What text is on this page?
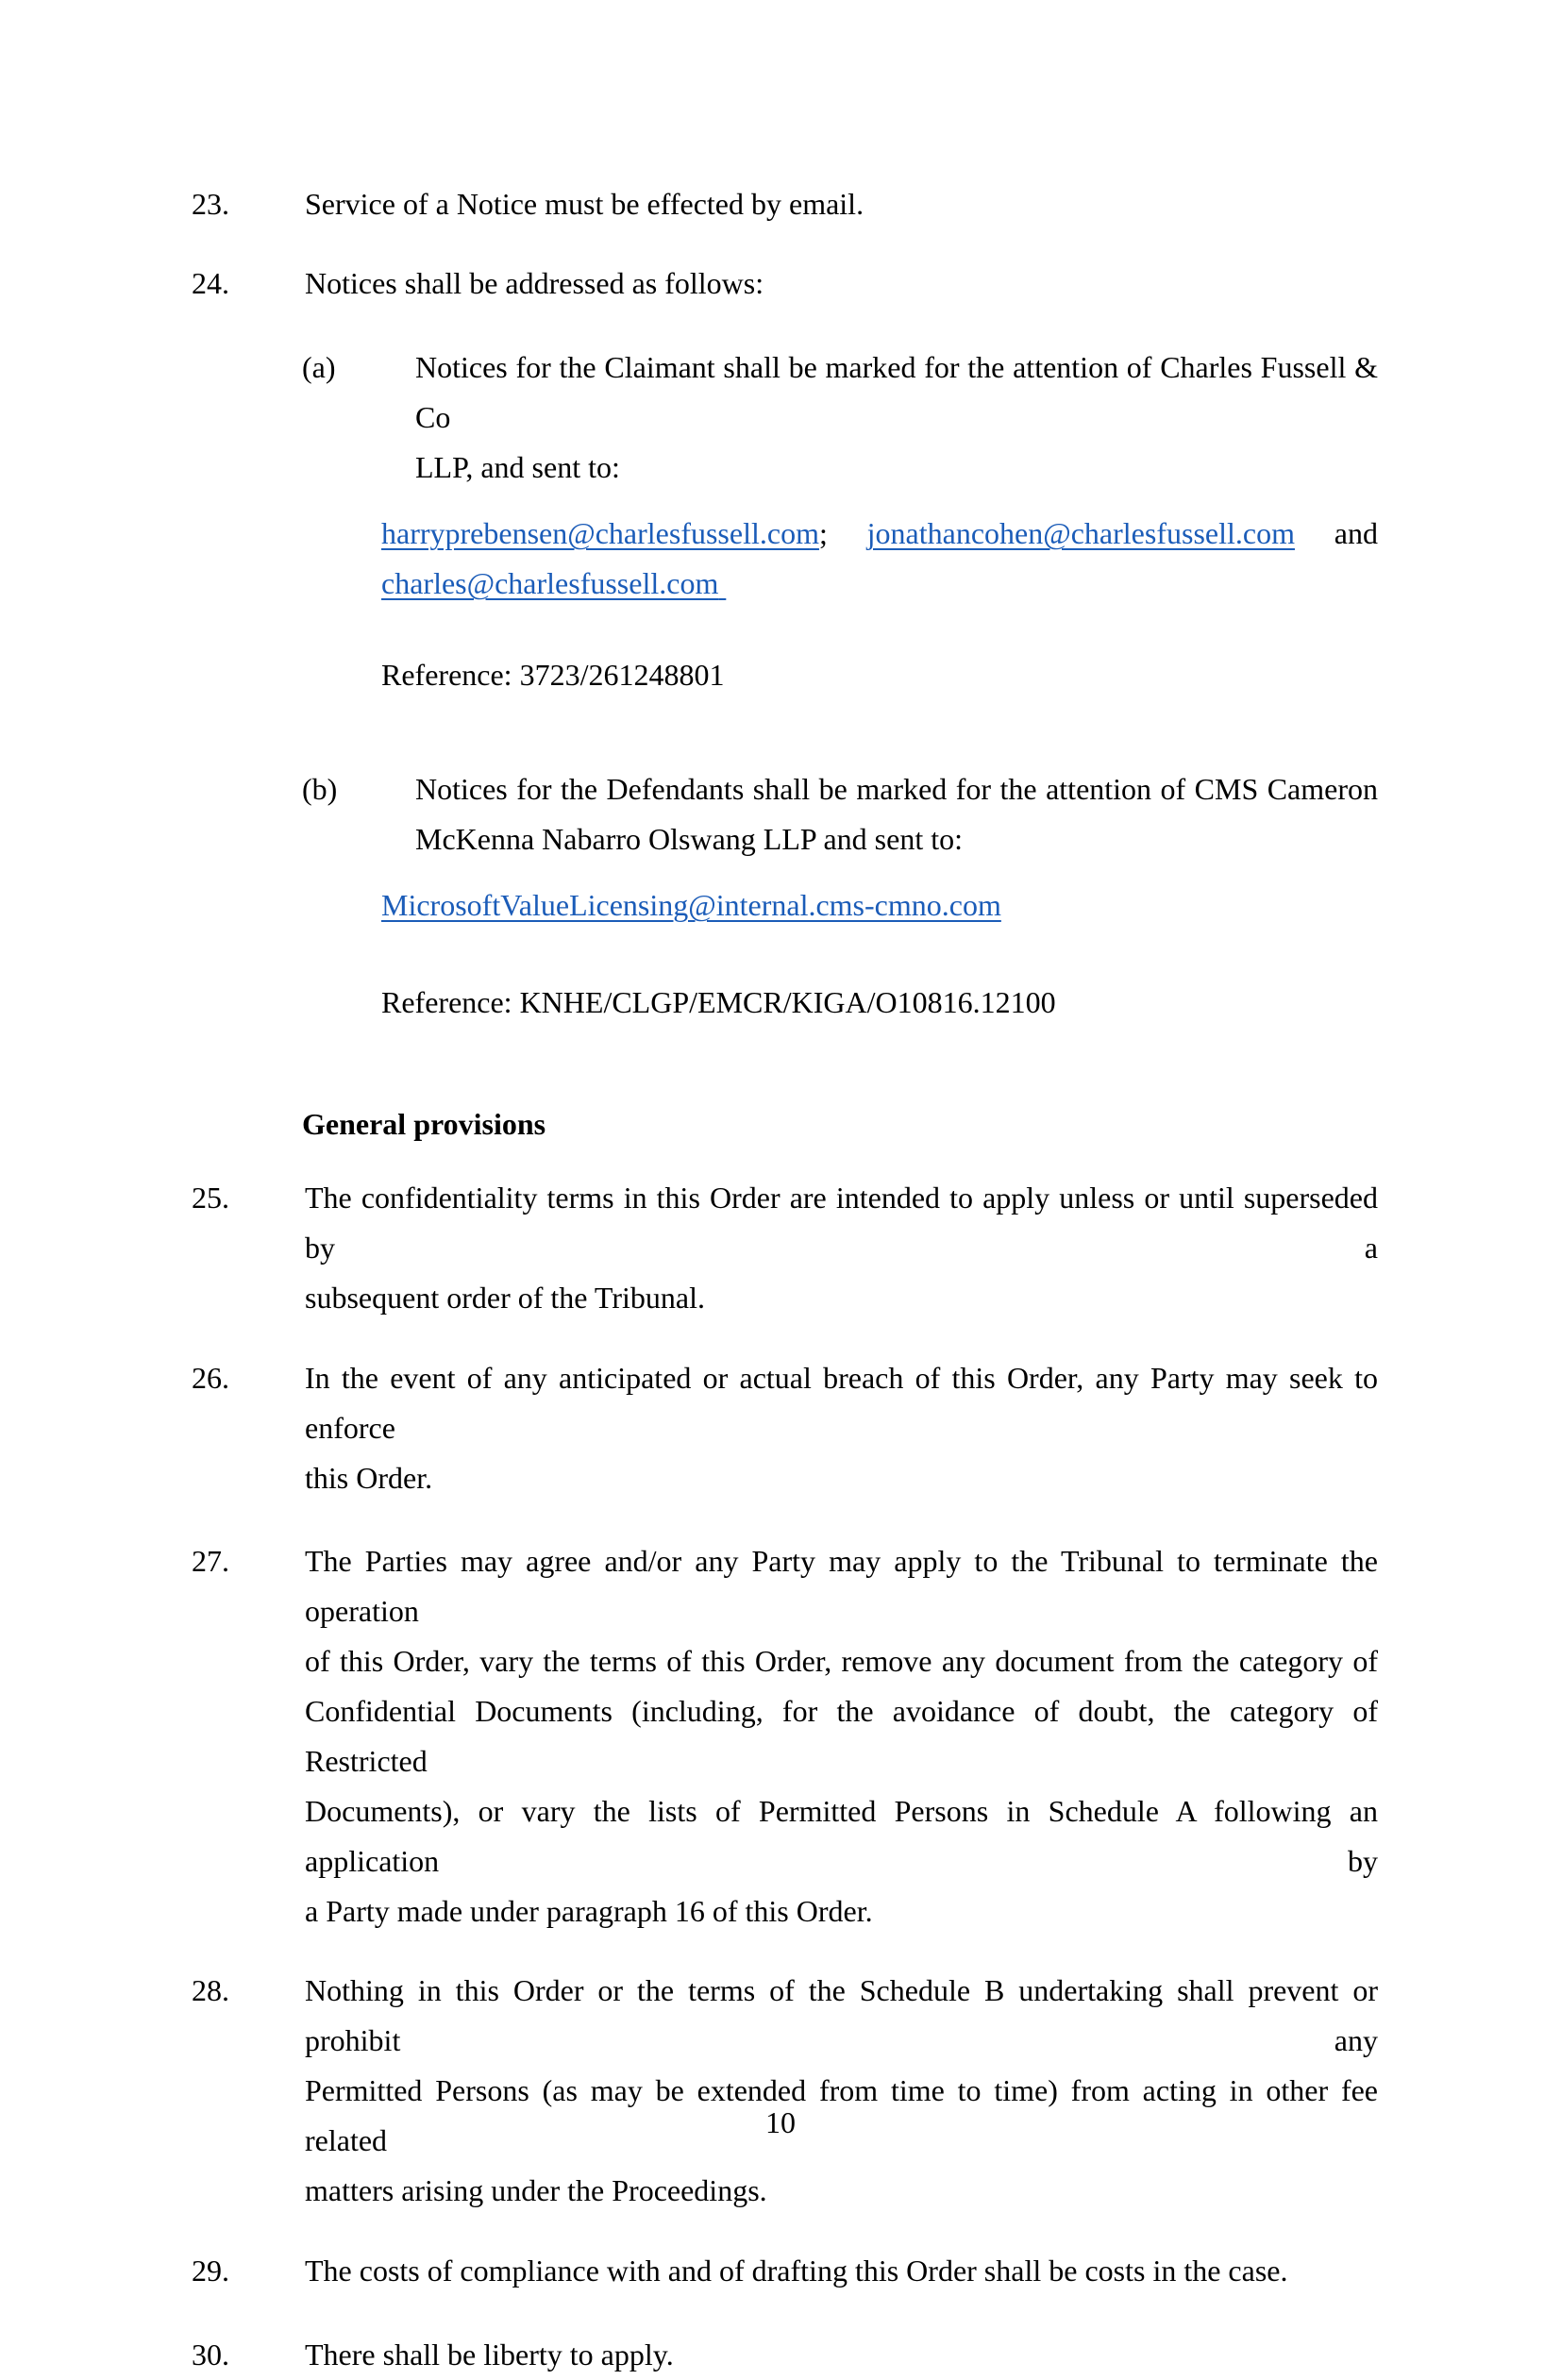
23.	Service of a Notice must be effected by email.
24.	Notices shall be addressed as follows:
(a)	Notices for the Claimant shall be marked for the attention of Charles Fussell & Co
LLP, and sent to:
harryprebensen@charlesfussell.com; jonathancohen@charlesfussell.com and
charles@charlesfussell.com
Reference: 3723/261248801
(b)	Notices for the Defendants shall be marked for the attention of CMS Cameron
McKenna Nabarro Olswang LLP and sent to:
MicrosoftValueLicensing@internal.cms-cmno.com
Reference: KNHE/CLGP/EMCR/KIGA/O10816.12100
General provisions
25.	The confidentiality terms in this Order are intended to apply unless or until superseded by a
subsequent order of the Tribunal.
26.	In the event of any anticipated or actual breach of this Order, any Party may seek to enforce
this Order.
27.	The Parties may agree and/or any Party may apply to the Tribunal to terminate the operation
of this Order, vary the terms of this Order, remove any document from the category of
Confidential Documents (including, for the avoidance of doubt, the category of Restricted
Documents), or vary the lists of Permitted Persons in Schedule A following an application by
a Party made under paragraph 16 of this Order.
28.	Nothing in this Order or the terms of the Schedule B undertaking shall prevent or prohibit any
Permitted Persons (as may be extended from time to time) from acting in other fee related
matters arising under the Proceedings.
29.	The costs of compliance with and of drafting this Order shall be costs in the case.
30.	There shall be liberty to apply.
10
